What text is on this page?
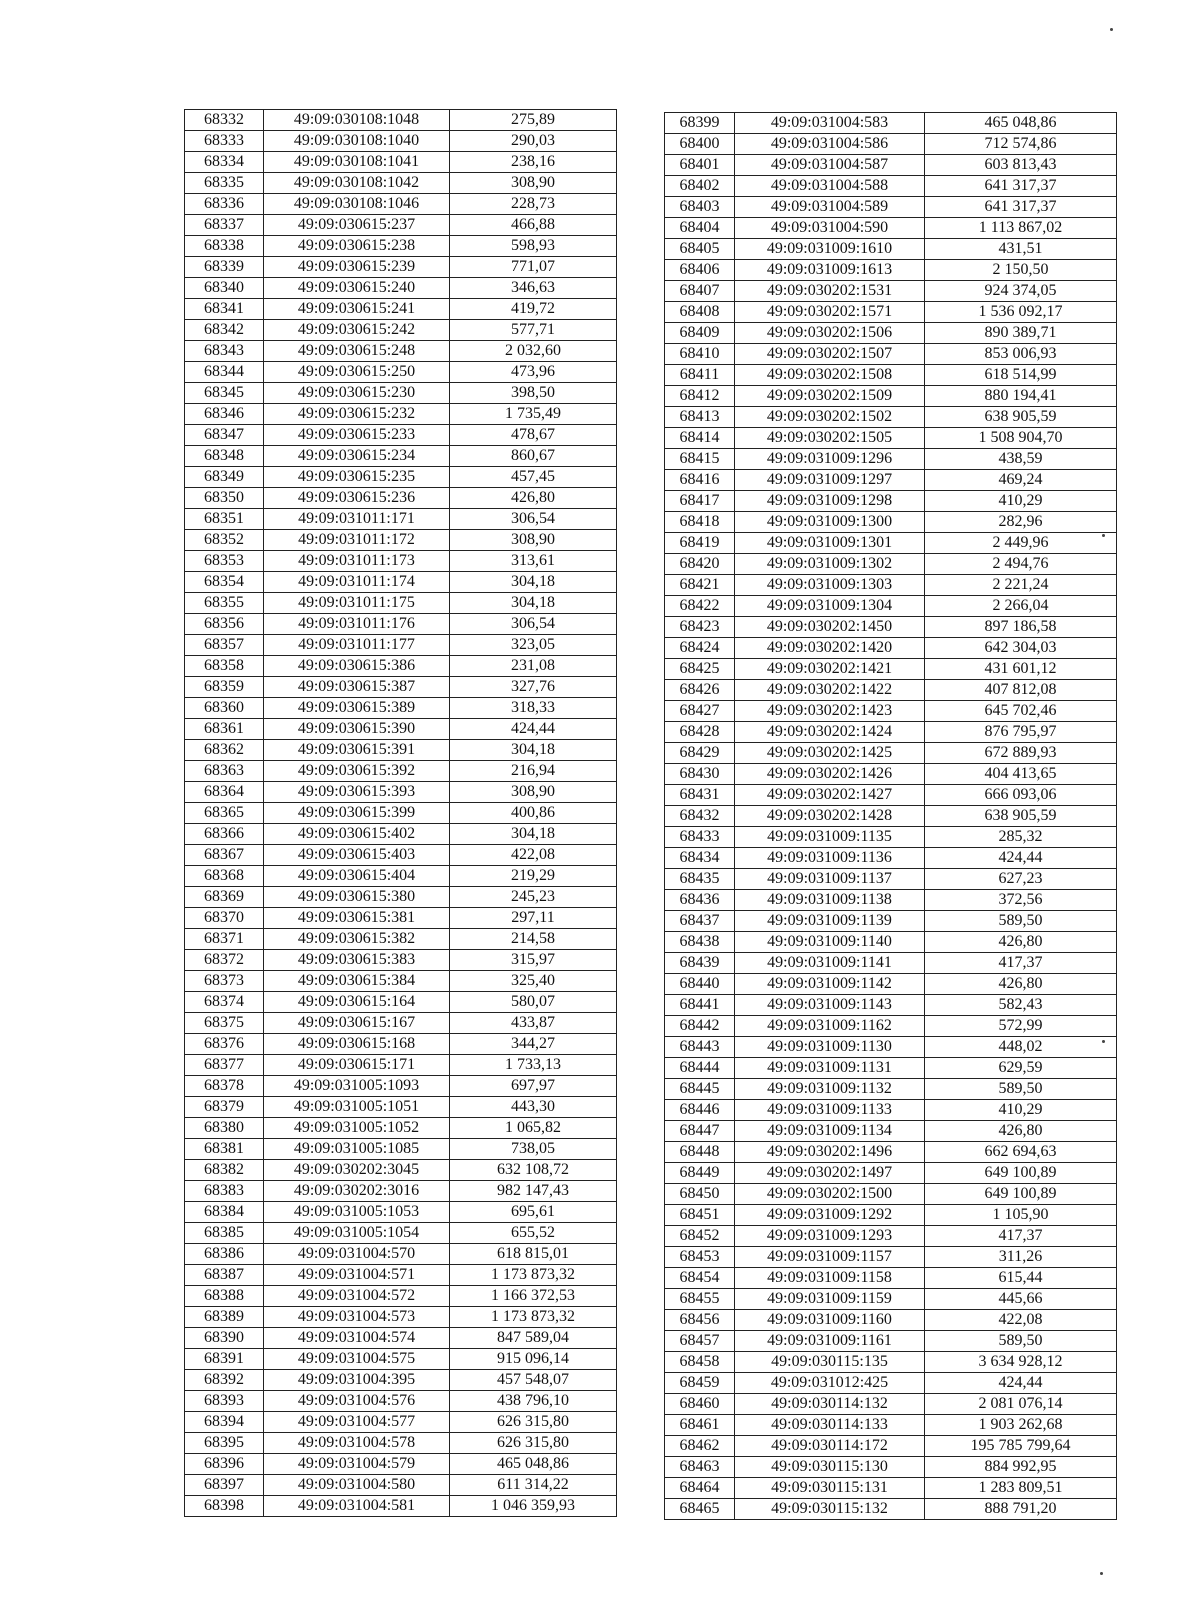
68332	49:09:030108:1048	275,89
68333	49:09:030108:1040	290,03
68334	49:09:030108:1041	238,16
68335	49:09:030108:1042	308,90
68336	49:09:030108:1046	228,73
68337	49:09:030615:237	466,88
68338	49:09:030615:238	598,93
68339	49:09:030615:239	771,07
68340	49:09:030615:240	346,63
68341	49:09:030615:241	419,72
68342	49:09:030615:242	577,71
68343	49:09:030615:248	2 032,60
68344	49:09:030615:250	473,96
68345	49:09:030615:230	398,50
68346	49:09:030615:232	1 735,49
68347	49:09:030615:233	478,67
68348	49:09:030615:234	860,67
68349	49:09:030615:235	457,45
68350	49:09:030615:236	426,80
68351	49:09:031011:171	306,54
68352	49:09:031011:172	308,90
68353	49:09:031011:173	313,61
68354	49:09:031011:174	304,18
68355	49:09:031011:175	304,18
68356	49:09:031011:176	306,54
68357	49:09:031011:177	323,05
68358	49:09:030615:386	231,08
68359	49:09:030615:387	327,76
68360	49:09:030615:389	318,33
68361	49:09:030615:390	424,44
68362	49:09:030615:391	304,18
68363	49:09:030615:392	216,94
68364	49:09:030615:393	308,90
68365	49:09:030615:399	400,86
68366	49:09:030615:402	304,18
68367	49:09:030615:403	422,08
68368	49:09:030615:404	219,29
68369	49:09:030615:380	245,23
68370	49:09:030615:381	297,11
68371	49:09:030615:382	214,58
68372	49:09:030615:383	315,97
68373	49:09:030615:384	325,40
68374	49:09:030615:164	580,07
68375	49:09:030615:167	433,87
68376	49:09:030615:168	344,27
68377	49:09:030615:171	1 733,13
68378	49:09:031005:1093	697,97
68379	49:09:031005:1051	443,30
68380	49:09:031005:1052	1 065,82
68381	49:09:031005:1085	738,05
68382	49:09:030202:3045	632 108,72
68383	49:09:030202:3016	982 147,43
68384	49:09:031005:1053	695,61
68385	49:09:031005:1054	655,52
68386	49:09:031004:570	618 815,01
68387	49:09:031004:571	1 173 873,32
68388	49:09:031004:572	1 166 372,53
68389	49:09:031004:573	1 173 873,32
68390	49:09:031004:574	847 589,04
68391	49:09:031004:575	915 096,14
68392	49:09:031004:395	457 548,07
68393	49:09:031004:576	438 796,10
68394	49:09:031004:577	626 315,80
68395	49:09:031004:578	626 315,80
68396	49:09:031004:579	465 048,86
68397	49:09:031004:580	611 314,22
68398	49:09:031004:581	1 046 359,93
68399	49:09:031004:583	465 048,86
68400	49:09:031004:586	712 574,86
68401	49:09:031004:587	603 813,43
68402	49:09:031004:588	641 317,37
68403	49:09:031004:589	641 317,37
68404	49:09:031004:590	1 113 867,02
68405	49:09:031009:1610	431,51
68406	49:09:031009:1613	2 150,50
68407	49:09:030202:1531	924 374,05
68408	49:09:030202:1571	1 536 092,17
68409	49:09:030202:1506	890 389,71
68410	49:09:030202:1507	853 006,93
68411	49:09:030202:1508	618 514,99
68412	49:09:030202:1509	880 194,41
68413	49:09:030202:1502	638 905,59
68414	49:09:030202:1505	1 508 904,70
68415	49:09:031009:1296	438,59
68416	49:09:031009:1297	469,24
68417	49:09:031009:1298	410,29
68418	49:09:031009:1300	282,96
68419	49:09:031009:1301	2 449,96
68420	49:09:031009:1302	2 494,76
68421	49:09:031009:1303	2 221,24
68422	49:09:031009:1304	2 266,04
68423	49:09:030202:1450	897 186,58
68424	49:09:030202:1420	642 304,03
68425	49:09:030202:1421	431 601,12
68426	49:09:030202:1422	407 812,08
68427	49:09:030202:1423	645 702,46
68428	49:09:030202:1424	876 795,97
68429	49:09:030202:1425	672 889,93
68430	49:09:030202:1426	404 413,65
68431	49:09:030202:1427	666 093,06
68432	49:09:030202:1428	638 905,59
68433	49:09:031009:1135	285,32
68434	49:09:031009:1136	424,44
68435	49:09:031009:1137	627,23
68436	49:09:031009:1138	372,56
68437	49:09:031009:1139	589,50
68438	49:09:031009:1140	426,80
68439	49:09:031009:1141	417,37
68440	49:09:031009:1142	426,80
68441	49:09:031009:1143	582,43
68442	49:09:031009:1162	572,99
68443	49:09:031009:1130	448,02
68444	49:09:031009:1131	629,59
68445	49:09:031009:1132	589,50
68446	49:09:031009:1133	410,29
68447	49:09:031009:1134	426,80
68448	49:09:030202:1496	662 694,63
68449	49:09:030202:1497	649 100,89
68450	49:09:030202:1500	649 100,89
68451	49:09:031009:1292	1 105,90
68452	49:09:031009:1293	417,37
68453	49:09:031009:1157	311,26
68454	49:09:031009:1158	615,44
68455	49:09:031009:1159	445,66
68456	49:09:031009:1160	422,08
68457	49:09:031009:1161	589,50
68458	49:09:030115:135	3 634 928,12
68459	49:09:031012:425	424,44
68460	49:09:030114:132	2 081 076,14
68461	49:09:030114:133	1 903 262,68
68462	49:09:030114:172	195 785 799,64
68463	49:09:030115:130	884 992,95
68464	49:09:030115:131	1 283 809,51
68465	49:09:030115:132	888 791,20
